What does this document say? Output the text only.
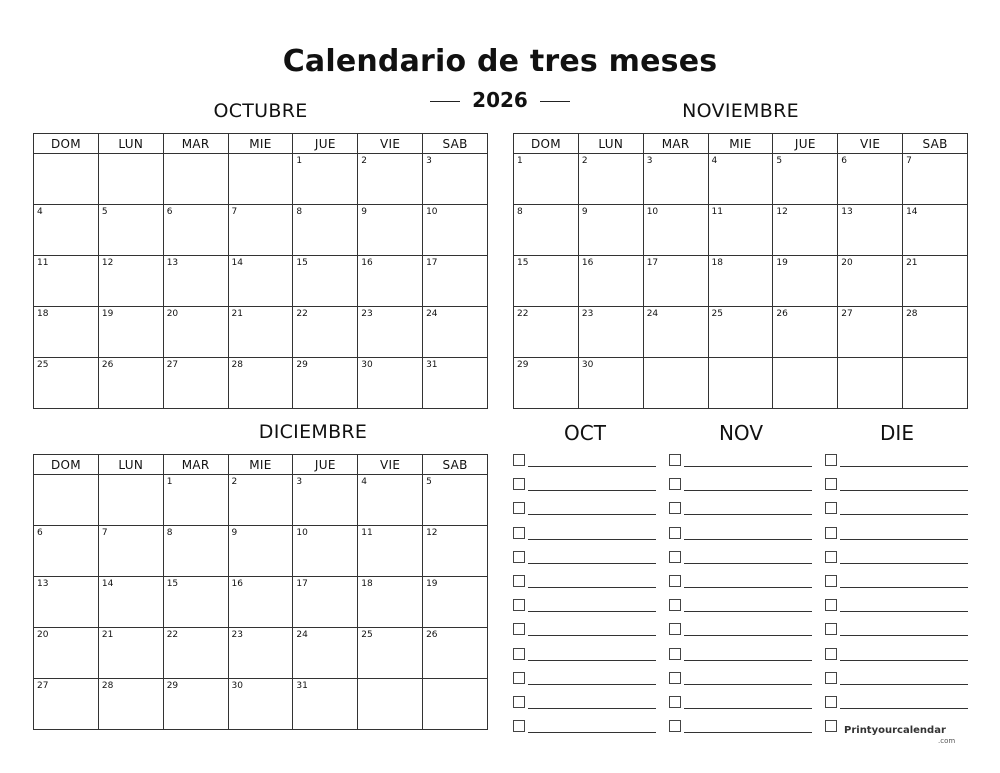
Calendario de tres meses
2026
OCTUBRE	NOVIEMBRE
DICIEMBRE
DOM	LUN	MAR	MIE	JUE	VIE	SAB

				1	2	3

4	5	6	7	8	9	10

11	12	13	14	15	16	17

18	19	20	21	22	23	24

25	26	27	28	29	30	31
DOM	LUN	MAR	MIE	JUE	VIE	SAB

1	2	3	4	5	6	7

8	9	10	11	12	13	14

15	16	17	18	19	20	21

22	23	24	25	26	27	28

29	30					

DOM	LUN	MAR	MIE	JUE	VIE	SAB

		1	2	3	4	5

6	7	8	9	10	11	12

13	14	15	16	17	18	19

20	21	22	23	24	25	26

27	28	29	30	31		

OCT	NOV	DIE
Printyourcalendar
.com
